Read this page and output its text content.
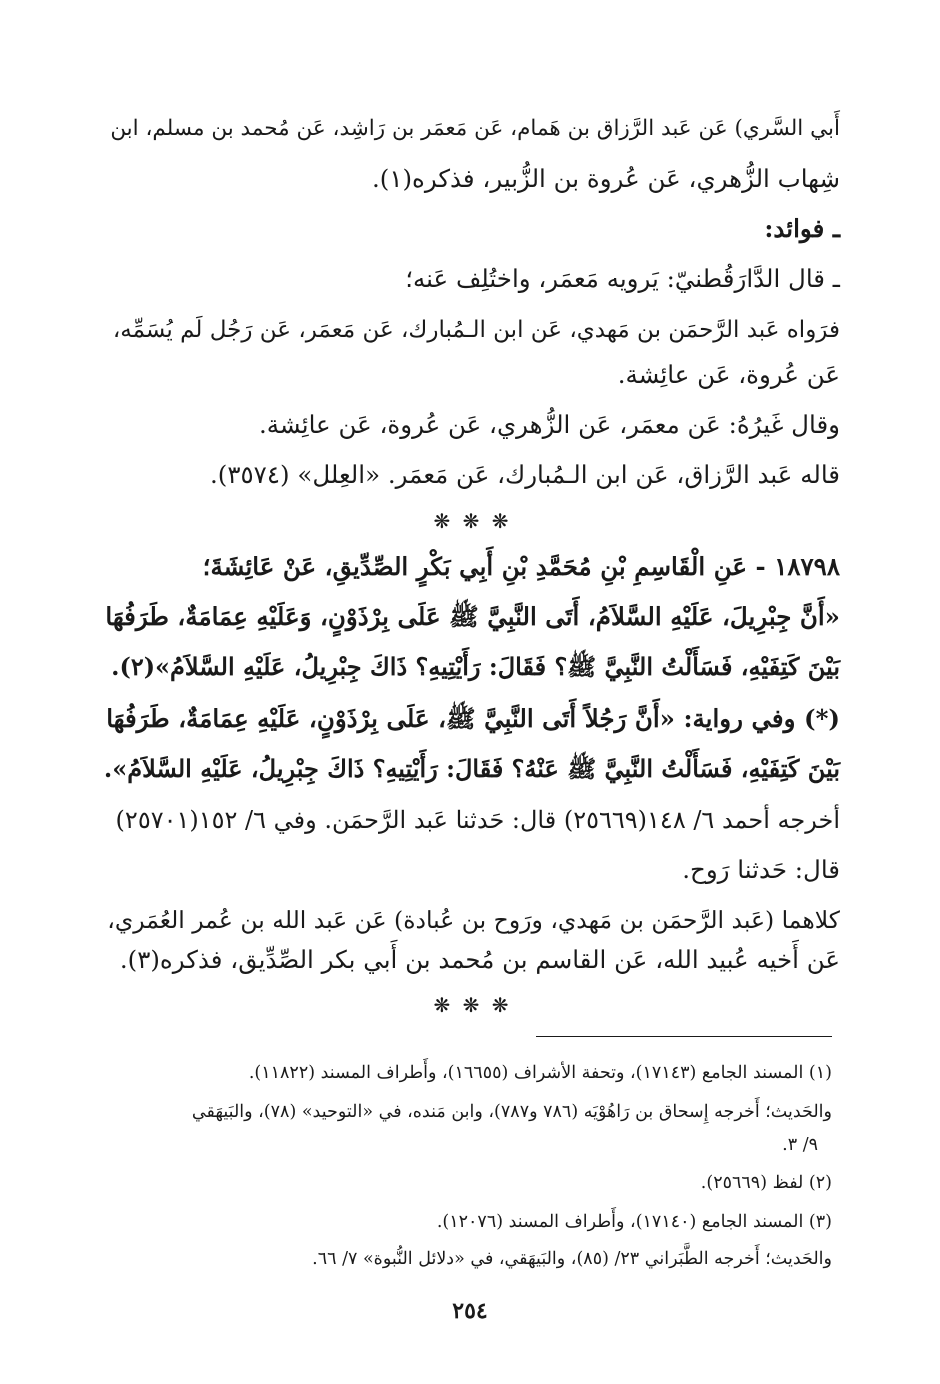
أَبي السَّري) عَن عَبد الرَّزاق بن هَمام، عَن مَعمَر بن رَاشِد، عَن مُحمد بن مسلم، ابن
شِهاب الزُّهري، عَن عُروة بن الزُّبير، فذكره(١).
ـ فوائد:
ـ قال الدَّارَقُطنيّ: يَرويه مَعمَر، واختُلِف عَنه؛
فرَواه عَبد الرَّحمَن بن مَهدي، عَن ابن الـمُبارك، عَن مَعمَر، عَن رَجُل لَم يُسَمِّه،
عَن عُروة، عَن عائِشة.
وقال غَيرُهُ: عَن معمَر، عَن الزُّهري، عَن عُروة، عَن عائِشة.
قاله عَبد الرَّزاق، عَن ابن الـمُبارك، عَن مَعمَر. «العِلل» (٣٥٧٤).
❋ ❋ ❋
١٨٧٩٨ - عَنِ الْقَاسِمِ بْنِ مُحَمَّدِ بْنِ أَبِي بَكْرٍ الصِّدِّيقِ، عَنْ عَائِشَةَ؛
«أَنَّ جِبْرِيلَ، عَلَيْهِ السَّلاَمُ، أَتَى النَّبِيَّ ﷺ عَلَى بِرْذَوْنٍ، وَعَلَيْهِ عِمَامَةٌ، طَرَفُهَا
بَيْنَ كَتِفَيْهِ، فَسَأَلْتُ النَّبِيَّ ﷺ؟ فَقَالَ: رَأَيْتِيهِ؟ ذَاكَ جِبْرِيلُ، عَلَيْهِ السَّلاَمُ»(٢).
(*) وفي رواية: «أَنَّ رَجُلاً أَتَى النَّبِيَّ ﷺ، عَلَى بِرْذَوْنٍ، عَلَيْهِ عِمَامَةٌ، طَرَفُهَا
بَيْنَ كَتِفَيْهِ، فَسَأَلْتُ النَّبِيَّ ﷺ عَنْهُ؟ فَقَالَ: رَأَيْتِيهِ؟ ذَاكَ جِبْرِيلُ، عَلَيْهِ السَّلاَمُ».
أخرجه أحمد ٦/ ١٤٨(٢٥٦٦٩) قال: حَدثنا عَبد الرَّحمَن. وفي ٦/ ١٥٢(٢٥٧٠١)
قال: حَدثنا رَوح.
كلاهما (عَبد الرَّحمَن بن مَهدي، ورَوح بن عُبادة) عَن عَبد الله بن عُمر العُمَري،
عَن أَخيه عُبيد الله، عَن القاسم بن مُحمد بن أَبي بكر الصِّدِّيق، فذكره(٣).
❋ ❋ ❋
(١) المسند الجامع (١٧١٤٣)، وتحفة الأشراف (١٦٦٥٥)، وأَطراف المسند (١١٨٢٢).
والحَديث؛ أَخرجه إِسحاق بن رَاهُوْيَه (٧٨٦ و٧٨٧)، وابن مَنده، في «التوحيد» (٧٨)، والبَيهَقي
٩/ ٣.
(٢) لفظ (٢٥٦٦٩).
(٣) المسند الجامع (١٧١٤٠)، وأَطراف المسند (١٢٠٧٦).
والحَديث؛ أَخرجه الطَّبَراني ٢٣/ (٨٥)، والبَيهَقي، في «دلائل النُّبوة» ٧/ ٦٦.
٢٥٤
